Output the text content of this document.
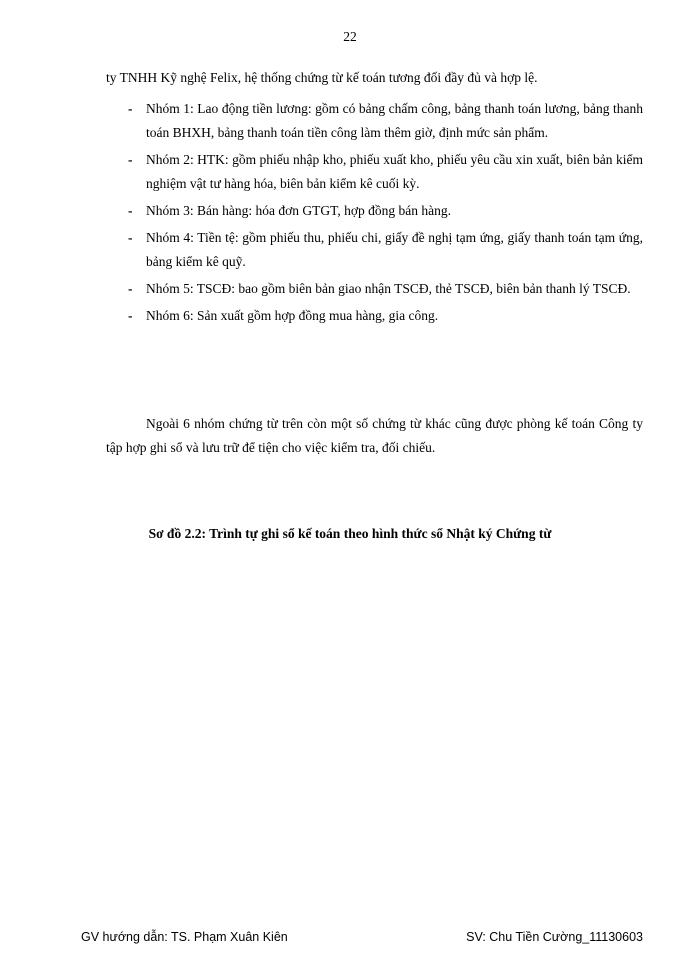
22
ty TNHH Kỹ nghệ Felix, hệ thống chứng từ kế toán tương đối đầy đủ và hợp lệ.
- Nhóm 1: Lao động tiền lương: gồm có bảng chấm công, bảng thanh toán lương, bảng thanh toán BHXH, bảng thanh toán tiền công làm thêm giờ, định mức sản phẩm.
- Nhóm 2: HTK: gồm phiếu nhập kho, phiếu xuất kho, phiếu yêu cầu xin xuất, biên bản kiểm nghiệm vật tư hàng hóa, biên bản kiểm kê cuối kỳ.
- Nhóm 3: Bán hàng: hóa đơn GTGT, hợp đồng bán hàng.
- Nhóm 4: Tiền tệ: gồm phiếu thu, phiếu chi, giấy đề nghị tạm ứng, giấy thanh toán tạm ứng, bảng kiểm kê quỹ.
- Nhóm 5: TSCĐ: bao gồm biên bản giao nhận TSCĐ, thẻ TSCĐ, biên bản thanh lý TSCĐ.
- Nhóm 6: Sản xuất gồm hợp đồng mua hàng, gia công.

Ngoài 6 nhóm chứng từ trên còn một số chứng từ khác cũng được phòng kế toán Công ty tập hợp ghi sổ và lưu trữ để tiện cho việc kiểm tra, đối chiếu.

Sơ đồ 2.2: Trình tự ghi sổ kế toán theo hình thức sổ Nhật ký Chứng từ
GV hướng dẫn: TS. Phạm Xuân Kiên	SV: Chu Tiền Cường_11130603
